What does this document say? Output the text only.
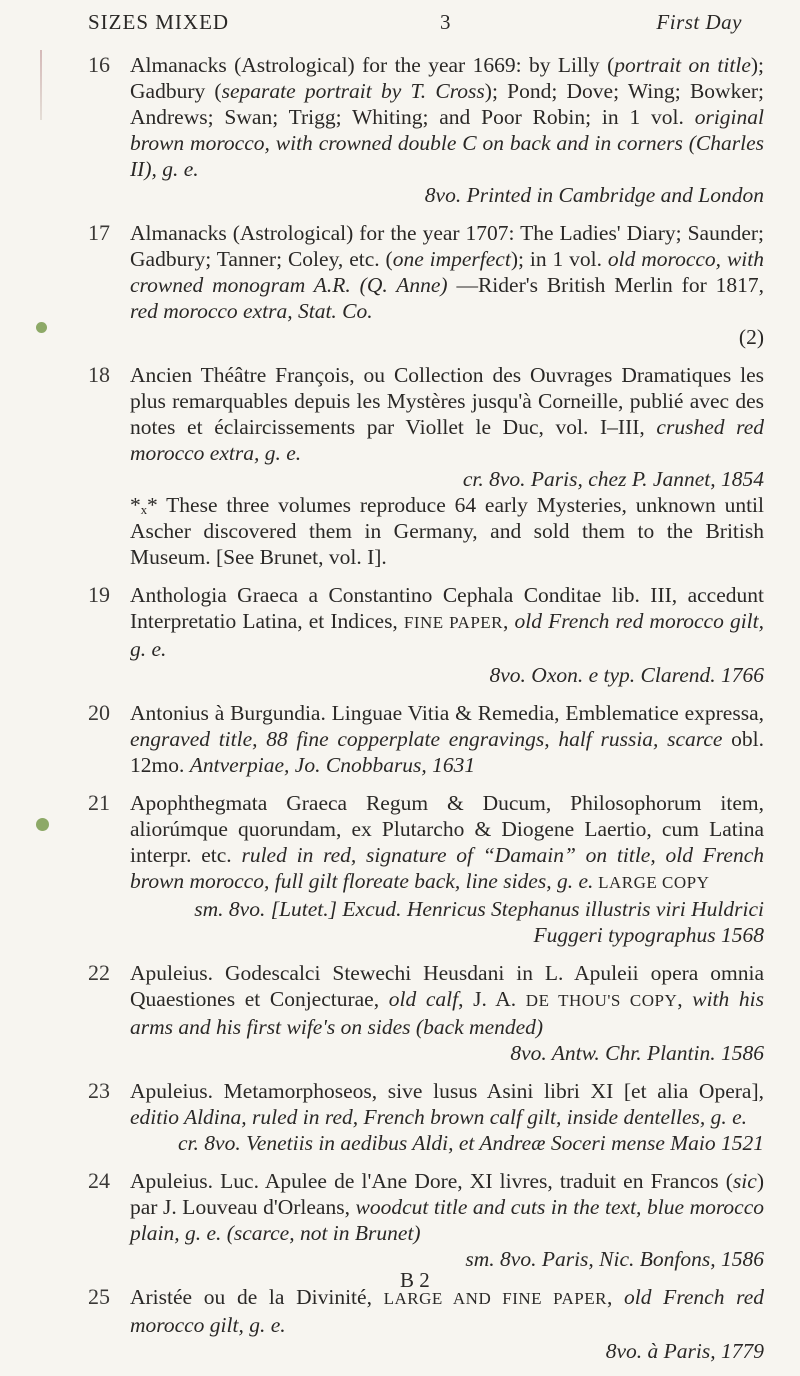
SIZES MIXED	3	First Day
16 Almanacks (Astrological) for the year 1669: by Lilly (portrait on title); Gadbury (separate portrait by T. Cross); Pond; Dove; Wing; Bowker; Andrews; Swan; Trigg; Whiting; and Poor Robin; in 1 vol. original brown morocco, with crowned double C on back and in corners (Charles II), g. e.
8vo. Printed in Cambridge and London
17 Almanacks (Astrological) for the year 1707: The Ladies' Diary; Saunder; Gadbury; Tanner; Coley, etc. (one imperfect); in 1 vol. old morocco, with crowned monogram A.R. (Q. Anne) —Rider's British Merlin for 1817, red morocco extra, Stat. Co.
(2)
18 Ancien Théâtre François, ou Collection des Ouvrages Dramatiques les plus remarquables depuis les Mystères jusqu'à Corneille, publié avec des notes et éclaircissements par Viollet le Duc, vol. I–III, crushed red morocco extra, g. e.
cr. 8vo. Paris, chez P. Jannet, 1854
*ₓ* These three volumes reproduce 64 early Mysteries, unknown until Ascher discovered them in Germany, and sold them to the British Museum. [See Brunet, vol. I].
19 Anthologia Graeca a Constantino Cephala Conditae lib. III, accedunt Interpretatio Latina, et Indices, FINE PAPER, old French red morocco gilt, g. e.
8vo. Oxon. e typ. Clarend. 1766
20 Antonius à Burgundia. Linguae Vitia & Remedia, Emblematice expressa, engraved title, 88 fine copperplate engravings, half russia, scarce obl. 12mo. Antverpiae, Jo. Cnobbarus, 1631
21 Apophthegmata Graeca Regum & Ducum, Philosophorum item, aliorúmque quorundam, ex Plutarcho & Diogene Laertio, cum Latina interpr. etc. ruled in red, signature of “Damain” on title, old French brown morocco, full gilt floreate back, line sides, g. e. LARGE COPY
sm. 8vo. [Lutet.] Excud. Henricus Stephanus illustris viri Huldrici Fuggeri typographus 1568
22 Apuleius. Godescalci Stewechi Heusdani in L. Apuleii opera omnia Quaestiones et Conjecturae, old calf, J. A. DE THOU'S COPY, with his arms and his first wife's on sides (back mended)
8vo. Antw. Chr. Plantin. 1586
23 Apuleius. Metamorphoseos, sive lusus Asini libri XI [et alia Opera], editio Aldina, ruled in red, French brown calf gilt, inside dentelles, g. e.
cr. 8vo. Venetiis in aedibus Aldi, et Andreæ Soceri mense Maio 1521
24 Apuleius. Luc. Apulee de l'Ane Dore, XI livres, traduit en Francos (sic) par J. Louveau d'Orleans, woodcut title and cuts in the text, blue morocco plain, g. e. (scarce, not in Brunet)
sm. 8vo. Paris, Nic. Bonfons, 1586
25 Aristée ou de la Divinité, LARGE AND FINE PAPER, old French red morocco gilt, g. e.
8vo. à Paris, 1779
B 2
